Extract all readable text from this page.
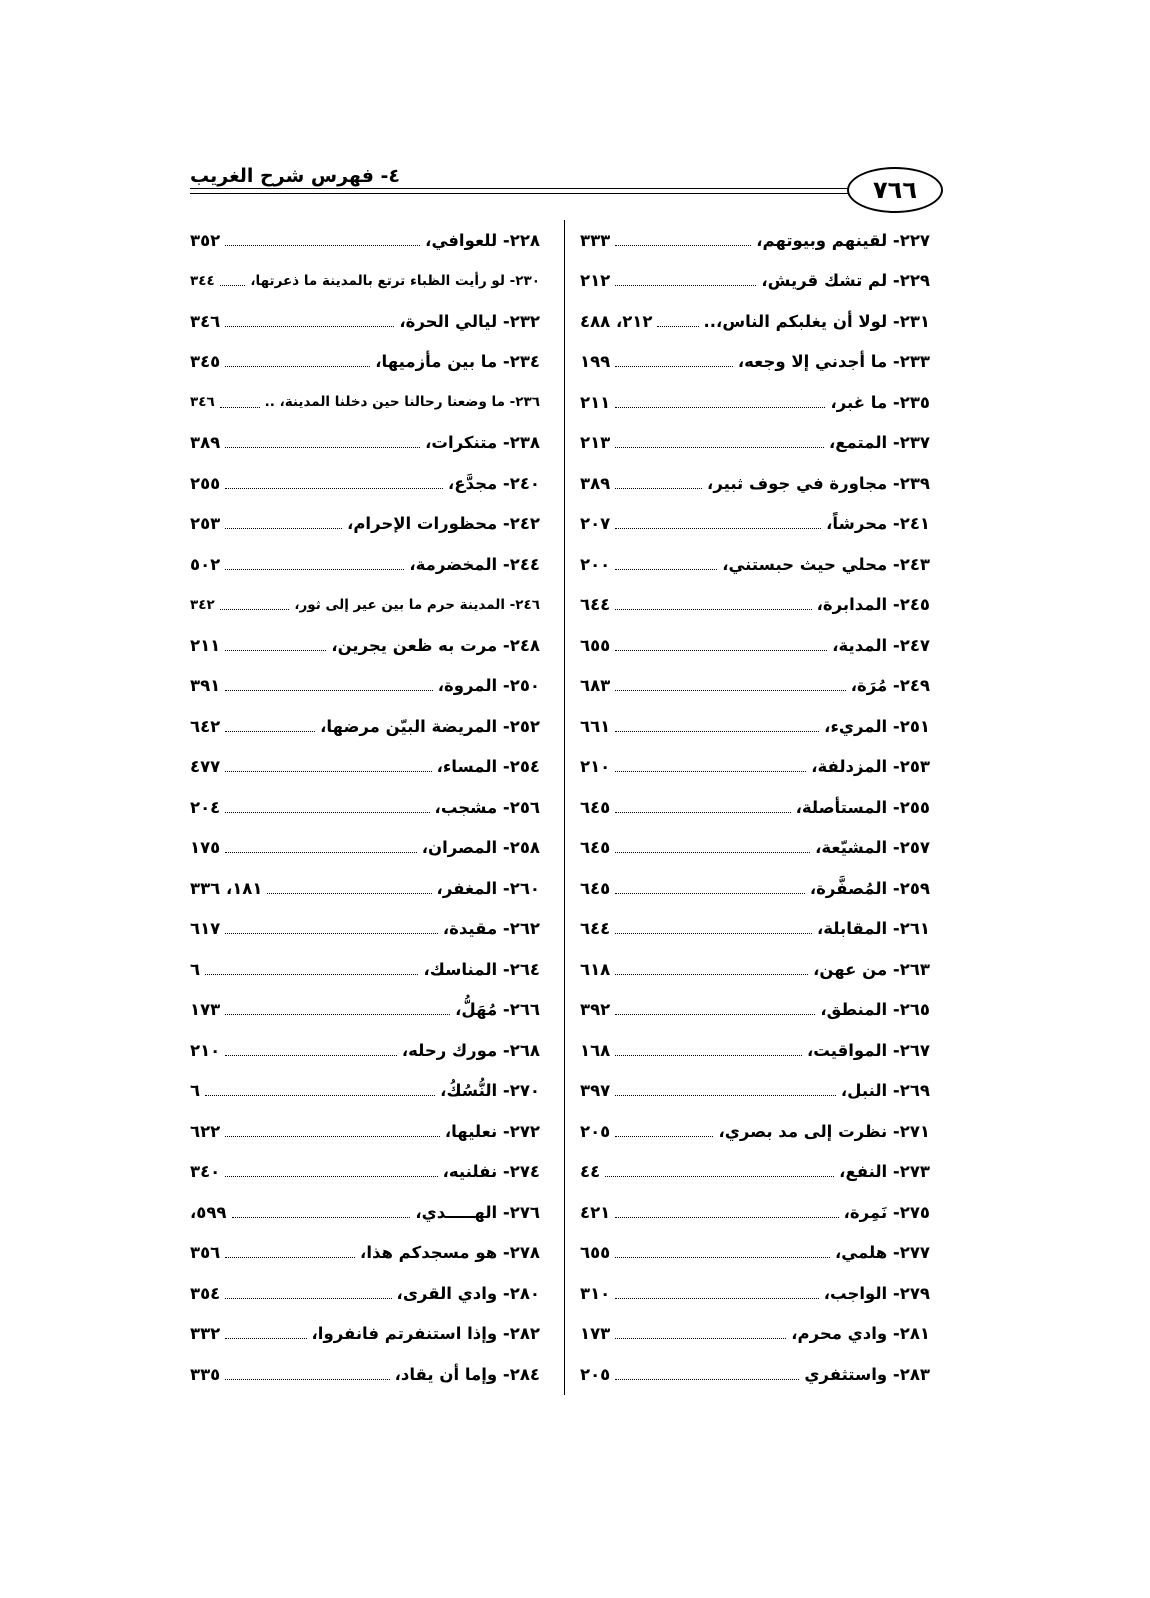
٤- فهرس شرح الغريب	٧٦٦
٢٢٧- لقينهم وبيوتهم،
٣٣٣
٢٢٩- لم تشك قريش،
٢١٢
٢٣١- لولا أن يغلبكم الناس،..
٢١٢، ٤٨٨
٢٣٣- ما أجدني إلا وجعه،
١٩٩
٢٣٥- ما غبر،
٢١١
٢٣٧- المتمع،
٢١٣
٢٣٩- مجاورة في جوف ثبير،
٣٨٩
٢٤١- محرشاً،
٢٠٧
٢٤٣- محلي حيث حبستني،
٢٠٠
٢٤٥- المدابرة،
٦٤٤
٢٤٧- المدية،
٦٥٥
٢٤٩- مُرَة،
٦٨٣
٢٥١- المريء،
٦٦١
٢٥٣- المزدلفة،
٢١٠
٢٥٥- المستأصلة،
٦٤٥
٢٥٧- المشيّعة،
٦٤٥
٢٥٩- المُصفَّرة،
٦٤٥
٢٦١- المقابلة،
٦٤٤
٢٦٣- من عهن،
٦١٨
٢٦٥- المنطق،
٣٩٢
٢٦٧- المواقيت،
١٦٨
٢٦٩- النبل،
٣٩٧
٢٧١- نظرت إلى مد بصري،
٢٠٥
٢٧٣- النفع،
٤٤
٢٧٥- نَمِرة،
٤٢١
٢٧٧- هلمي،
٦٥٥
٢٧٩- الواجب،
٣١٠
٢٨١- وادي محرم،
١٧٣
٢٨٣- واستثفري
٢٠٥
٢٢٨- للعوافي،
٣٥٢
٢٣٠- لو رأيت الظباء ترتع بالمدينة ما ذعرتها،
٣٤٤
٢٣٢- ليالي الحرة،
٣٤٦
٢٣٤- ما بين مأزميها،
٣٤٥
٢٣٦- ما وضعنا رحالنا حين دخلنا المدينة، ..
٣٤٦
٢٣٨- متنكرات،
٣٨٩
٢٤٠- مجدَّع،
٢٥٥
٢٤٢- محظورات الإحرام،
٢٥٣
٢٤٤- المخضرمة،
٥٠٢
٢٤٦- المدينة حرم ما بين عير إلى ثور،
٣٤٢
٢٤٨- مرت به ظعن يجرين،
٢١١
٢٥٠- المروة،
٣٩١
٢٥٢- المريضة البيّن مرضها،
٦٤٢
٢٥٤- المساء،
٤٧٧
٢٥٦- مشجب،
٢٠٤
٢٥٨- المصران،
١٧٥
٢٦٠- المغفر،
١٨١، ٣٣٦
٢٦٢- مقيدة،
٦١٧
٢٦٤- المناسك،
٦
٢٦٦- مُهَلُّ،
١٧٣
٢٦٨- مورك رحله،
٢١٠
٢٧٠- النُّسُكُ،
٦
٢٧٢- نعليها،
٦٢٢
٢٧٤- نفلنيه،
٣٤٠
٢٧٦- الهـــــدي،
٥٩٩،
٢٧٨- هو مسجدكم هذا،
٣٥٦
٢٨٠- وادي القرى،
٣٥٤
٢٨٢- وإذا استنفرتم فانفروا،
٣٣٢
٢٨٤- وإما أن يقاد،
٣٣٥
